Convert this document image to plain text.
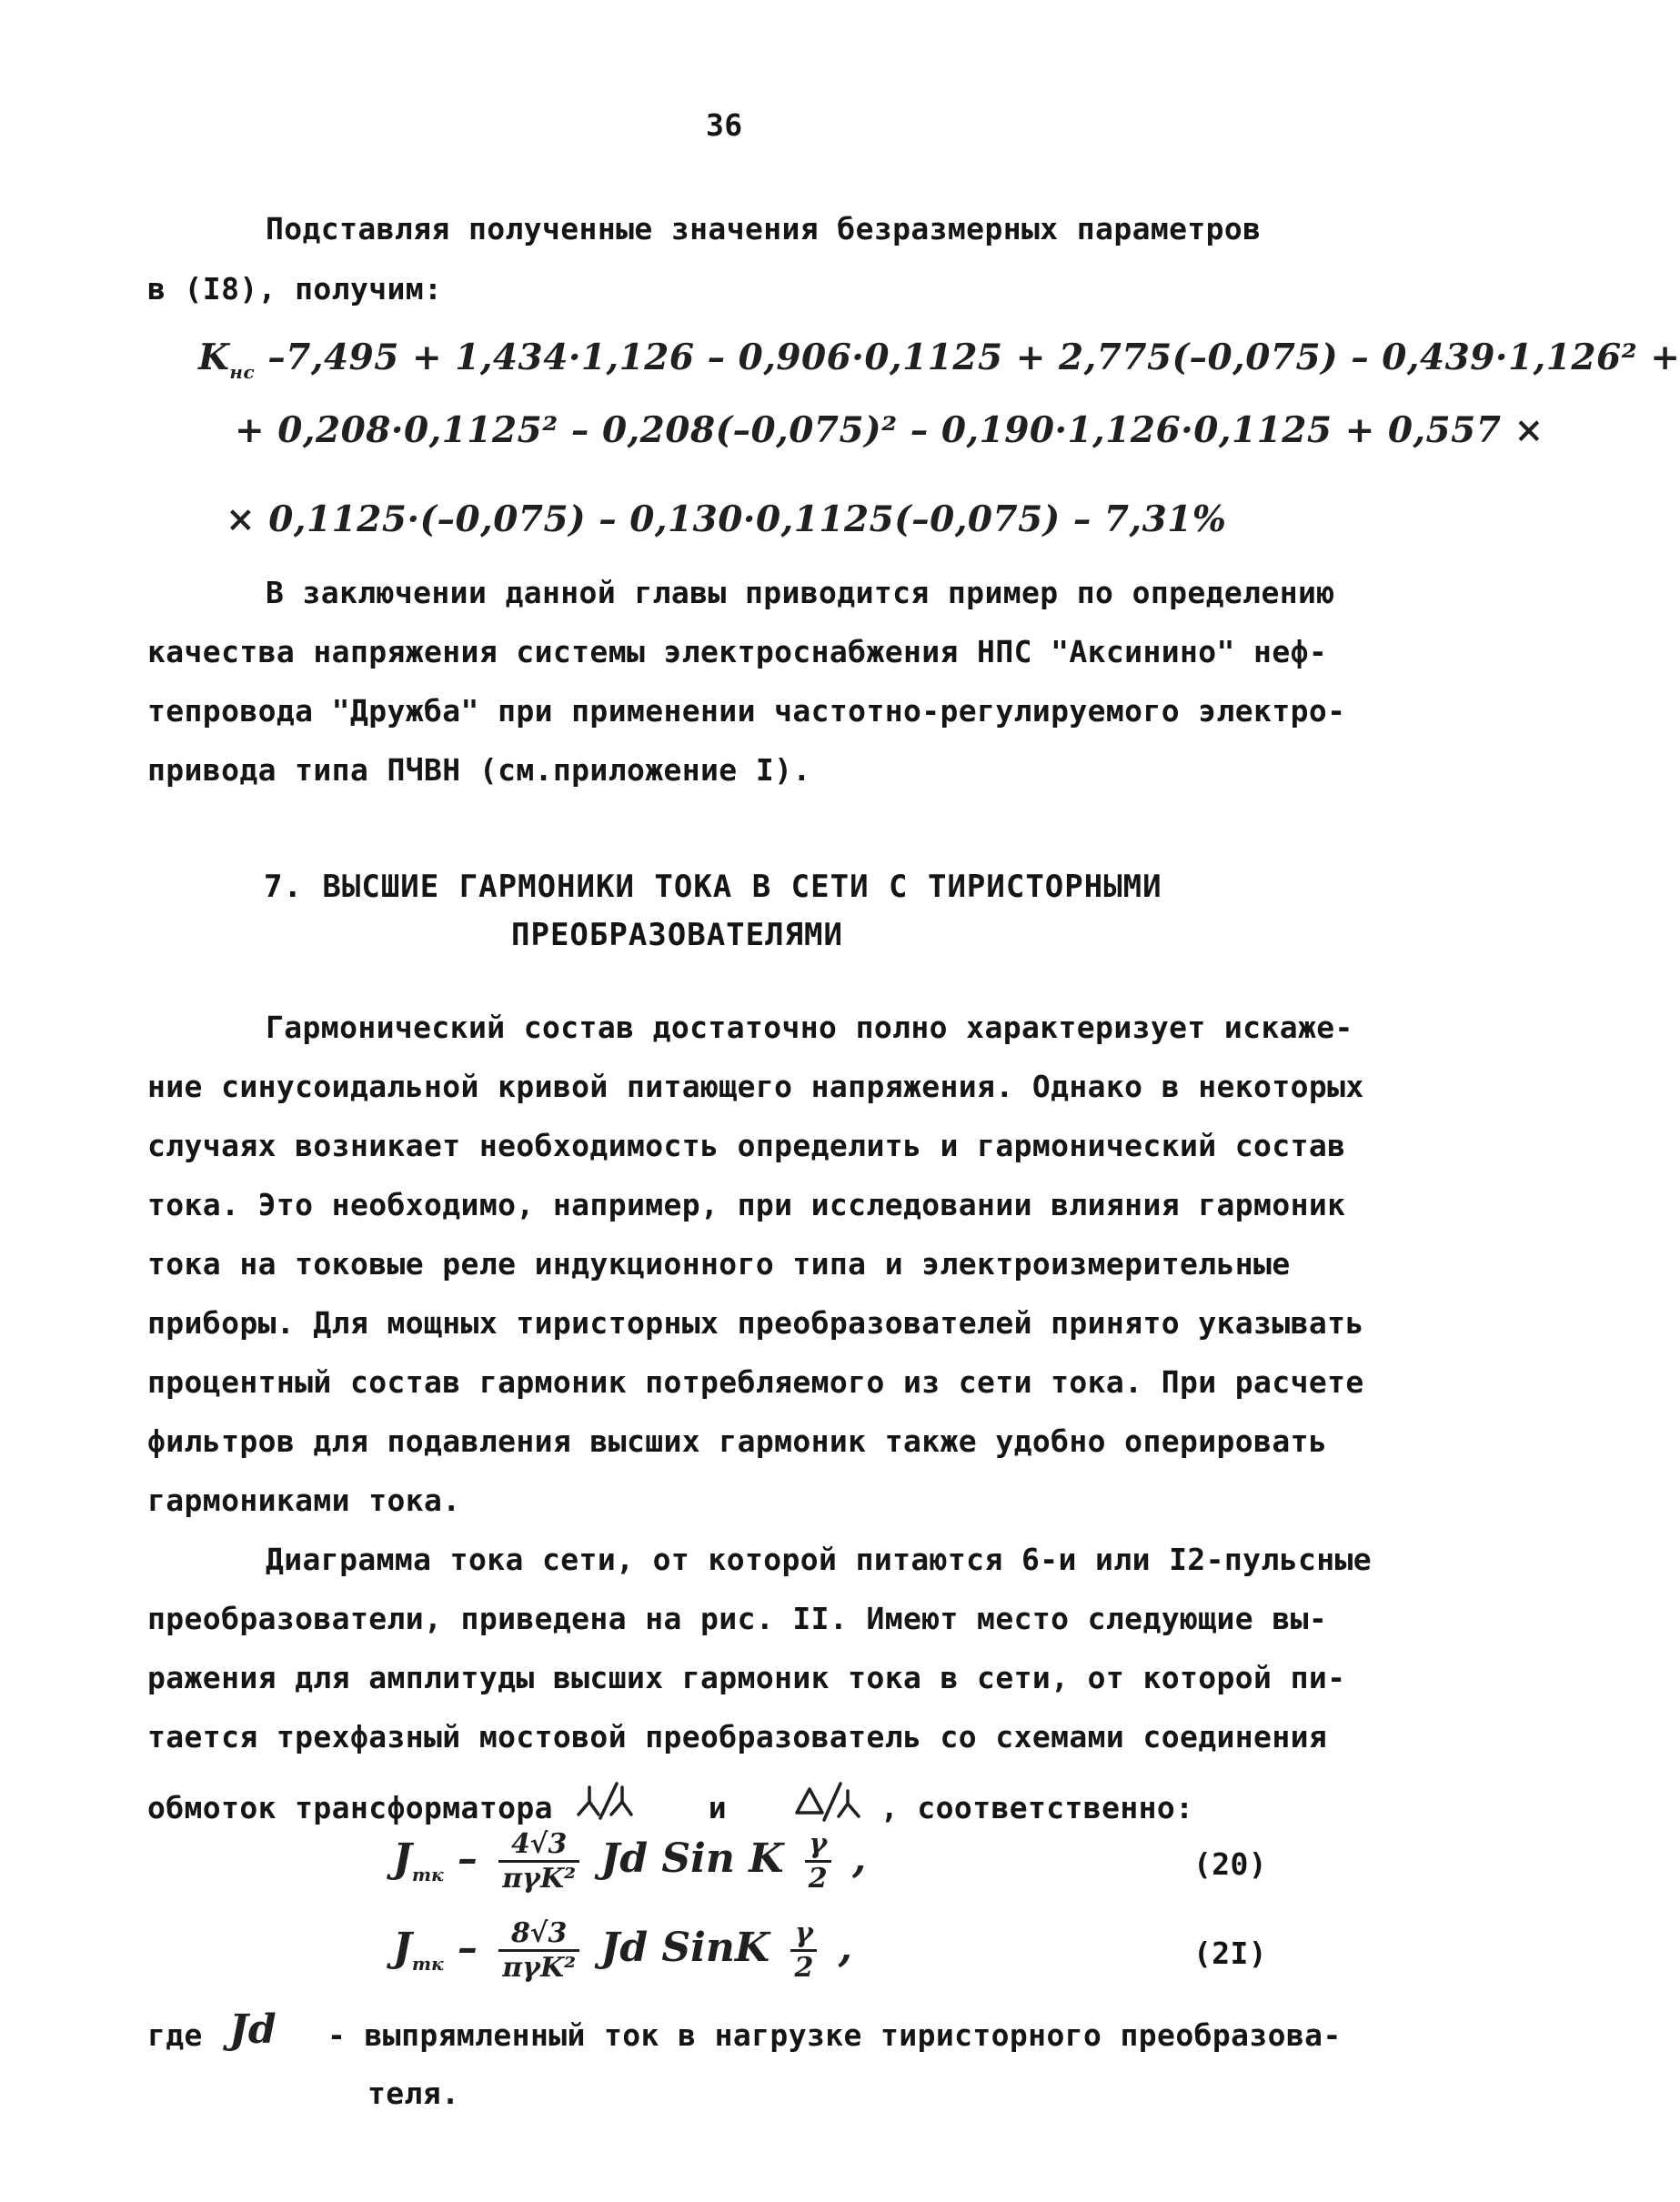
36
Подставляя полученные значения безразмерных параметров
в (I8), получим:
$K_{нс}$ –7,495 + 1,434·1,126 – 0,906·0,1125 + 2,775(–0,075) – 0,439·1,126² +
+ 0,208·0,1125² – 0,208(–0,075)² – 0,190·1,126·0,1125 + 0,557 ×
× 0,1125·(–0,075) – 0,130·0,1125(–0,075) – 7,31%
В заключении данной главы приводится пример по определению
качества напряжения системы электроснабжения НПС "Аксинино" неф-
тепровода "Дружба" при применении частотно-регулируемого электро-
привода типа ПЧВН (см.приложение I).
7. ВЫСШИЕ ГАРМОНИКИ ТОКА В СЕТИ С ТИРИСТОРНЫМИ
ПРЕОБРАЗОВАТЕЛЯМИ
Гармонический состав достаточно полно характеризует искаже-
ние синусоидальной кривой питающего напряжения. Однако в некоторых
случаях возникает необходимость определить и гармонический состав
тока. Это необходимо, например, при исследовании влияния гармоник
тока на токовые реле индукционного типа и электроизмерительные
приборы. Для мощных тиристорных преобразователей принято указывать
процентный состав гармоник потребляемого из сети тока. При расчете
фильтров для подавления высших гармоник также удобно оперировать
гармониками тока.
Диаграмма тока сети, от которой питаются 6-и или I2-пульсные
преобразователи, приведена на рис. II. Имеют место следующие вы-
ражения для амплитуды высших гармоник тока в сети, от которой пи-
тается трехфазный мостовой преобразователь со схемами соединения
обмоток трансформатора	и	, соответственно:
$J_{mк} - \frac{4√3}{\text{πγK²}}$ Jd Sin K $\frac{\gamma}{2}$ ,	(20)
$J_{mк} - \frac{8√3}{\text{πγK²}}$ Jd SinK $\frac{\gamma}{2}$ ,	(2I)
где Jd - выпрямленный ток в нагрузке тиристорного преобразова-
теля.
